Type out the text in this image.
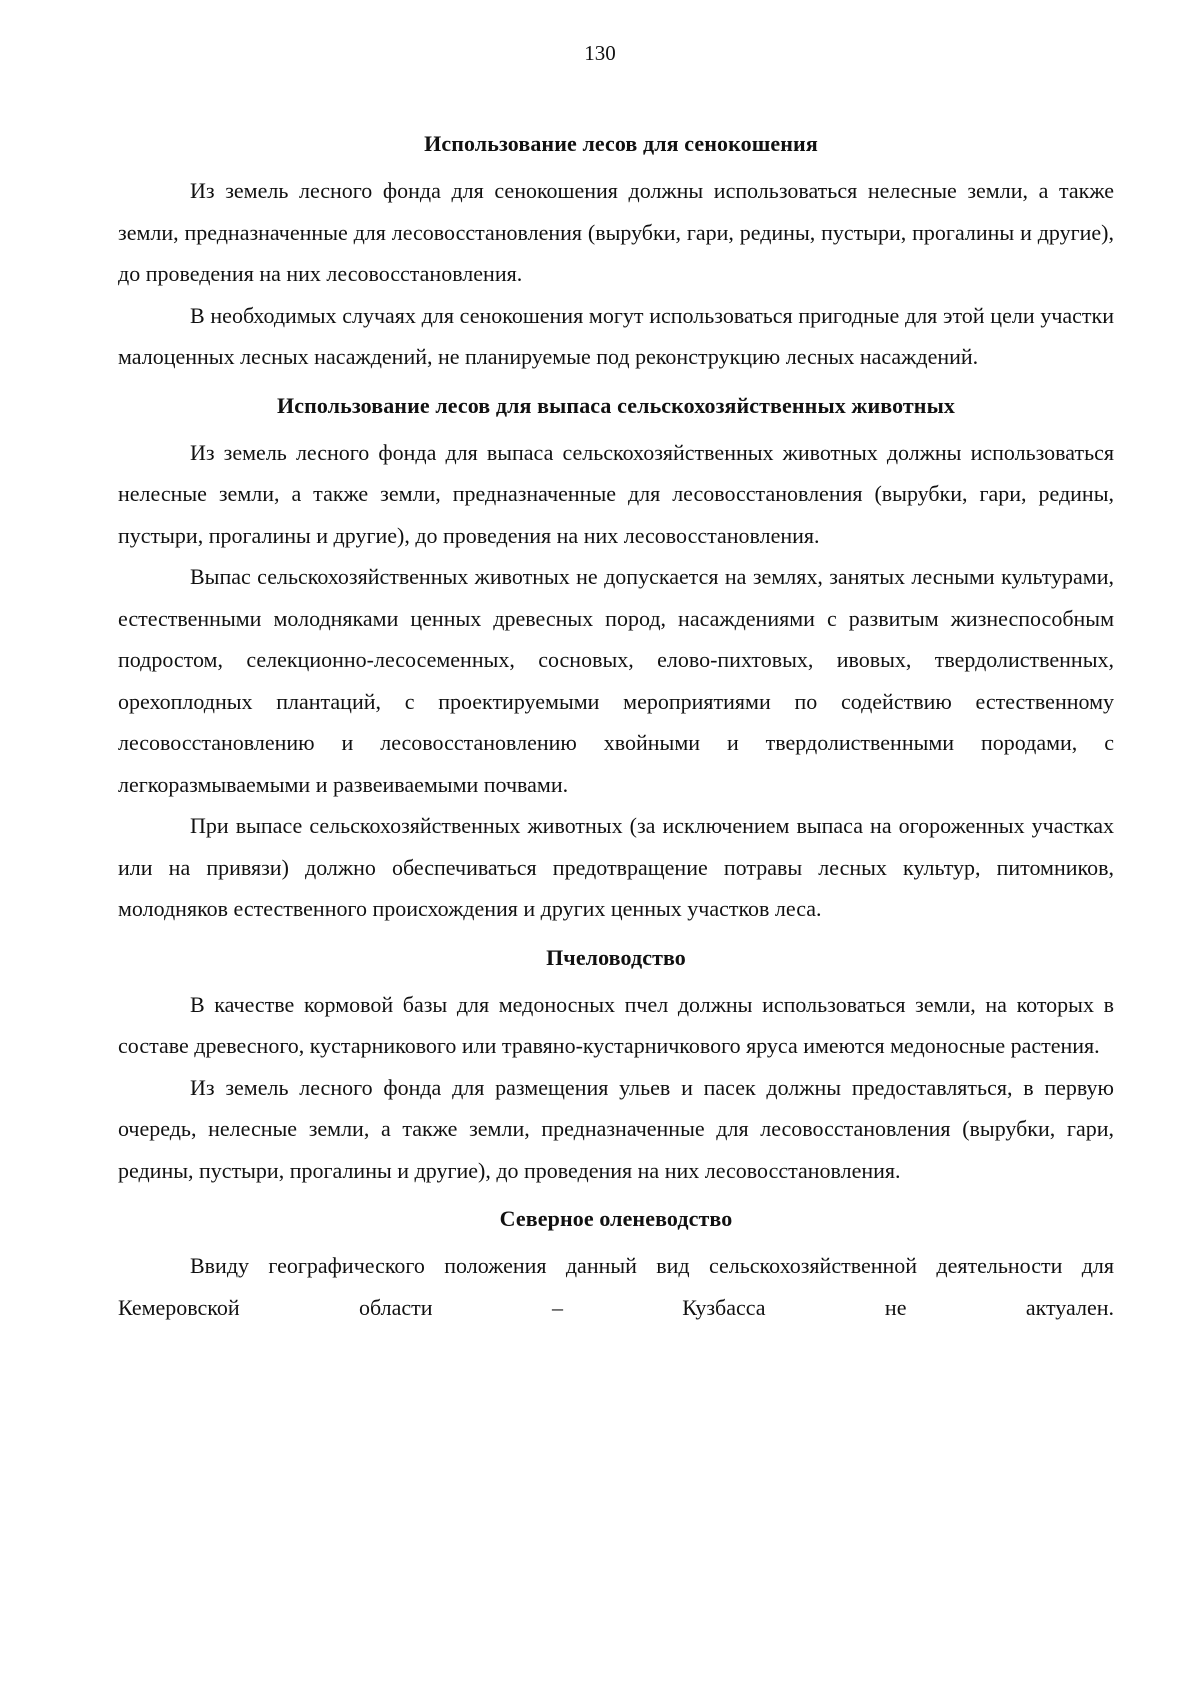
130
Использование лесов для сенокошения

Из земель лесного фонда для сенокошения должны использоваться нелесные земли, а также земли, предназначенные для лесовосстановления (вырубки, гари, редины, пустыри, прогалины и другие), до проведения на них лесовосстановления.

В необходимых случаях для сенокошения могут использоваться пригодные для этой цели участки малоценных лесных насаждений, не планируемые под реконструкцию лесных насаждений.

Использование лесов для выпаса сельскохозяйственных животных

Из земель лесного фонда для выпаса сельскохозяйственных животных должны использоваться нелесные земли, а также земли, предназначенные для лесовосстановления (вырубки, гари, редины, пустыри, прогалины и другие), до проведения на них лесовосстановления.

Выпас сельскохозяйственных животных не допускается на землях, занятых лесными культурами, естественными молодняками ценных древесных пород, насаждениями с развитым жизнеспособным подростом, селекционно-лесосеменных, сосновых, елово-пихтовых, ивовых, твердолиственных, орехоплодных плантаций, с проектируемыми мероприятиями по содействию естественному лесовосстановлению и лесовосстановлению хвойными и твердолиственными породами, с легкоразмываемыми и развеиваемыми почвами.

При выпасе сельскохозяйственных животных (за исключением выпаса на огороженных участках или на привязи) должно обеспечиваться предотвращение потравы лесных культур, питомников, молодняков естественного происхождения и других ценных участков леса.

Пчеловодство

В качестве кормовой базы для медоносных пчел должны использоваться земли, на которых в составе древесного, кустарникового или травяно-кустарничкового яруса имеются медоносные растения.

Из земель лесного фонда для размещения ульев и пасек должны предоставляться, в первую очередь, нелесные земли, а также земли, предназначенные для лесовосстановления (вырубки, гари, редины, пустыри, прогалины и другие), до проведения на них лесовосстановления.

Северное оленеводство

Ввиду географического положения данный вид сельскохозяйственной деятельности для Кемеровской области – Кузбасса не актуален.
